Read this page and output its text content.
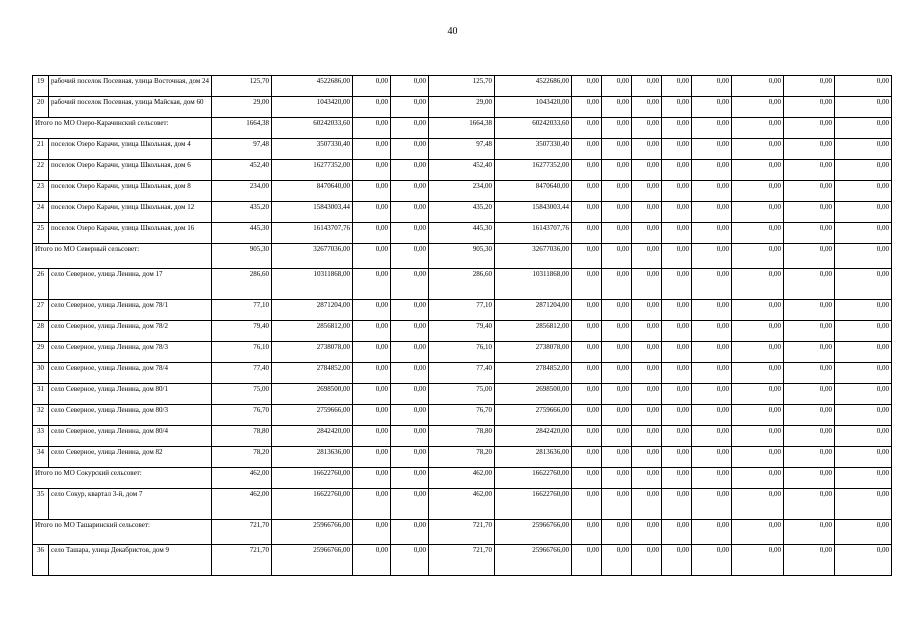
40
19	рабочий поселок Посевная, улица Восточная, дом 24	125,70	4522686,00	0,00	0,00	125,70	4522686,00	0,00	0,00	0,00	0,00	0,00	0,00	0,00	0,00
20	рабочий поселок Посевная, улица Майская, дом 60	29,00	1043420,00	0,00	0,00	29,00	1043420,00	0,00	0,00	0,00	0,00	0,00	0,00	0,00	0,00
Итого по МО Озеро-Карачинский сельсовет:		1664,38	60242033,60	0,00	0,00	1664,38	60242033,60	0,00	0,00	0,00	0,00	0,00	0,00	0,00	0,00
21	поселок Озеро Карачи, улица Школьная, дом 4	97,48	3507330,40	0,00	0,00	97,48	3507330,40	0,00	0,00	0,00	0,00	0,00	0,00	0,00	0,00
22	поселок Озеро Карачи, улица Школьная, дом 6	452,40	16277352,00	0,00	0,00	452,40	16277352,00	0,00	0,00	0,00	0,00	0,00	0,00	0,00	0,00
23	поселок Озеро Карачи, улица Школьная, дом 8	234,00	8470640,00	0,00	0,00	234,00	8470640,00	0,00	0,00	0,00	0,00	0,00	0,00	0,00	0,00
24	поселок Озеро Карачи, улица Школьная, дом 12	435,20	15843003,44	0,00	0,00	435,20	15843003,44	0,00	0,00	0,00	0,00	0,00	0,00	0,00	0,00
25	поселок Озеро Карачи, улица Школьная, дом 16	445,30	16143707,76	0,00	0,00	445,30	16143707,76	0,00	0,00	0,00	0,00	0,00	0,00	0,00	0,00
Итого по МО Северный сельсовет:		905,30	32677036,00	0,00	0,00	905,30	32677036,00	0,00	0,00	0,00	0,00	0,00	0,00	0,00	0,00
26	село Северное, улица Ленина, дом 17	286,60	10311868,00	0,00	0,00	286,60	10311868,00	0,00	0,00	0,00	0,00	0,00	0,00	0,00	0,00
27	село Северное, улица Ленина, дом 78/1	77,10	2871204,00	0,00	0,00	77,10	2871204,00	0,00	0,00	0,00	0,00	0,00	0,00	0,00	0,00
28	село Северное, улица Ленина, дом 78/2	79,40	2856812,00	0,00	0,00	79,40	2856812,00	0,00	0,00	0,00	0,00	0,00	0,00	0,00	0,00
29	село Северное, улица Ленина, дом 78/3	76,10	2738078,00	0,00	0,00	76,10	2738078,00	0,00	0,00	0,00	0,00	0,00	0,00	0,00	0,00
30	село Северное, улица Ленина, дом 78/4	77,40	2784852,00	0,00	0,00	77,40	2784852,00	0,00	0,00	0,00	0,00	0,00	0,00	0,00	0,00
31	село Северное, улица Ленина, дом 80/1	75,00	2698500,00	0,00	0,00	75,00	2698500,00	0,00	0,00	0,00	0,00	0,00	0,00	0,00	0,00
32	село Северное, улица Ленина, дом 80/3	76,70	2759666,00	0,00	0,00	76,70	2759666,00	0,00	0,00	0,00	0,00	0,00	0,00	0,00	0,00
33	село Северное, улица Ленина, дом 80/4	78,80	2842420,00	0,00	0,00	78,80	2842420,00	0,00	0,00	0,00	0,00	0,00	0,00	0,00	0,00
34	село Северное, улица Ленина, дом 82	78,20	2813636,00	0,00	0,00	78,20	2813636,00	0,00	0,00	0,00	0,00	0,00	0,00	0,00	0,00
Итого по МО Сокурский сельсовет:		462,00	16622760,00	0,00	0,00	462,00	16622760,00	0,00	0,00	0,00	0,00	0,00	0,00	0,00	0,00
35	село Сокур, квартал 3-й, дом 7	462,00	16622760,00	0,00	0,00	462,00	16622760,00	0,00	0,00	0,00	0,00	0,00	0,00	0,00	0,00
Итого по МО Ташаринский сельсовет:		721,70	25966766,00	0,00	0,00	721,70	25966766,00	0,00	0,00	0,00	0,00	0,00	0,00	0,00	0,00
36	село Ташара, улица Декабристов, дом 9	721,70	25966766,00	0,00	0,00	721,70	25966766,00	0,00	0,00	0,00	0,00	0,00	0,00	0,00	0,00
